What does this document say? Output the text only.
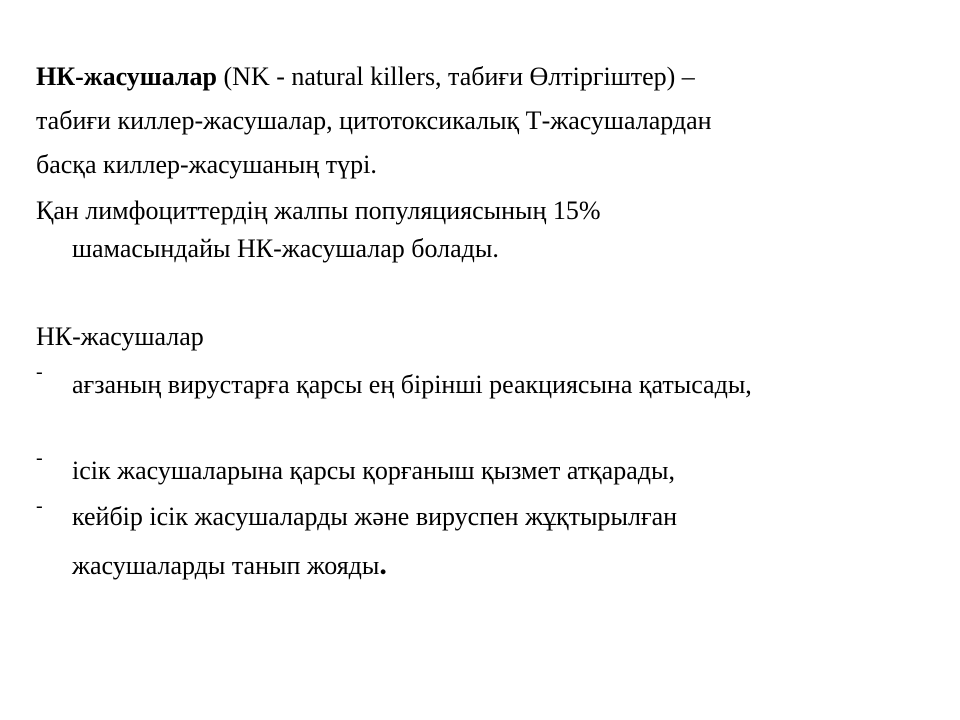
НК-жасушалар (NK - natural killers, табиғи Өлтіргіштер) –
табиғи киллер-жасушалар, цитотоксикалық Т-жасушалардан
басқа киллер-жасушаның түрі.
Қан лимфоциттердің жалпы популяциясының 15%
шамасындайы НК-жасушалар болады.
НК-жасушалар
- ағзаның вирустарға қарсы ең бірінші реакциясына қатысады,
- ісік жасушаларына қарсы қорғаныш қызмет атқарады,
- кейбір ісік жасушаларды және вируспен жұқтырылған
жасушаларды танып жояды.
